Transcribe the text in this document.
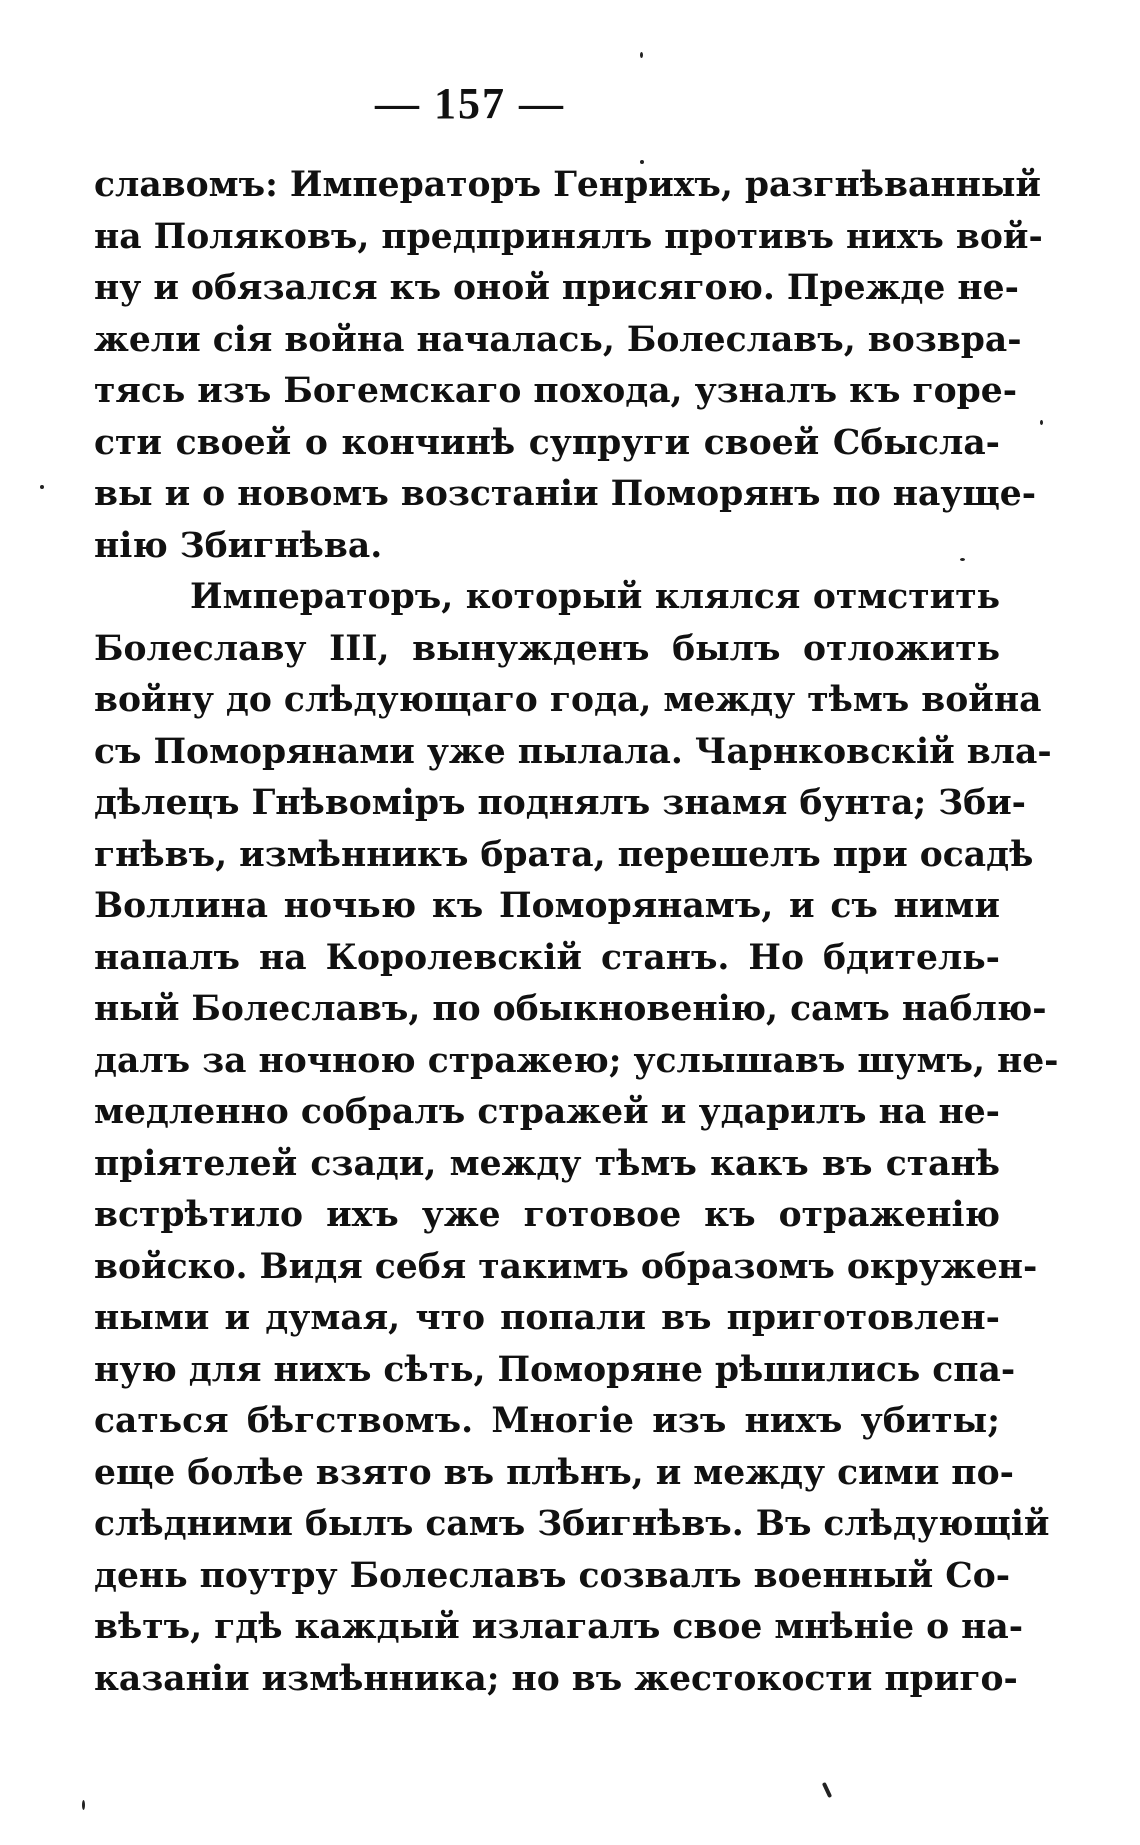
— 157 —
славомъ: Императоръ Генрихъ, разгнѣванный
на Поляковъ, предпринялъ противъ нихъ вой-
ну и обязался къ оной присягою. Прежде не-
жели сія война началась, Болеславъ, возвра-
тясь изъ Богемскаго похода, узналъ къ горе-
сти своей о кончинѣ супруги своей Сбысла-
вы и о новомъ возстаніи Поморянъ по наущe-
нію Збигнѣва.
Императоръ, который клялся отмстить
Болеславу III, вынужденъ былъ отложить
войну до слѣдующаго года, между тѣмъ война
съ Поморянами уже пылала. Чарнковскій вла-
дѣлецъ Гнѣвоміръ поднялъ знамя бунта; Зби-
гнѣвъ, измѣнникъ брата, перешелъ при осадѣ
Воллина ночью къ Поморянамъ, и съ ними
напалъ на Королевскій станъ. Но бдитель-
ный Болеславъ, по обыкновенію, самъ наблю-
далъ за ночною стражею; услышавъ шумъ, не-
медленно собралъ стражей и ударилъ на не-
пріятелей сзади, между тѣмъ какъ въ станѣ
встрѣтило ихъ уже готовое къ отраженію
войско. Видя себя такимъ образомъ окружен-
ными и думая, что попали въ приготовлен-
ную для нихъ сѣть, Поморяне рѣшились спа-
саться бѣгствомъ. Многіе изъ нихъ убиты;
еще болѣе взято въ плѣнъ, и между сими по-
слѣдними былъ самъ Збигнѣвъ. Въ слѣдующій
день поутру Болеславъ созвалъ военный Со-
вѣтъ, гдѣ каждый излагалъ свое мнѣніе о на-
казаніи измѣнника; но въ жестокости приго-
